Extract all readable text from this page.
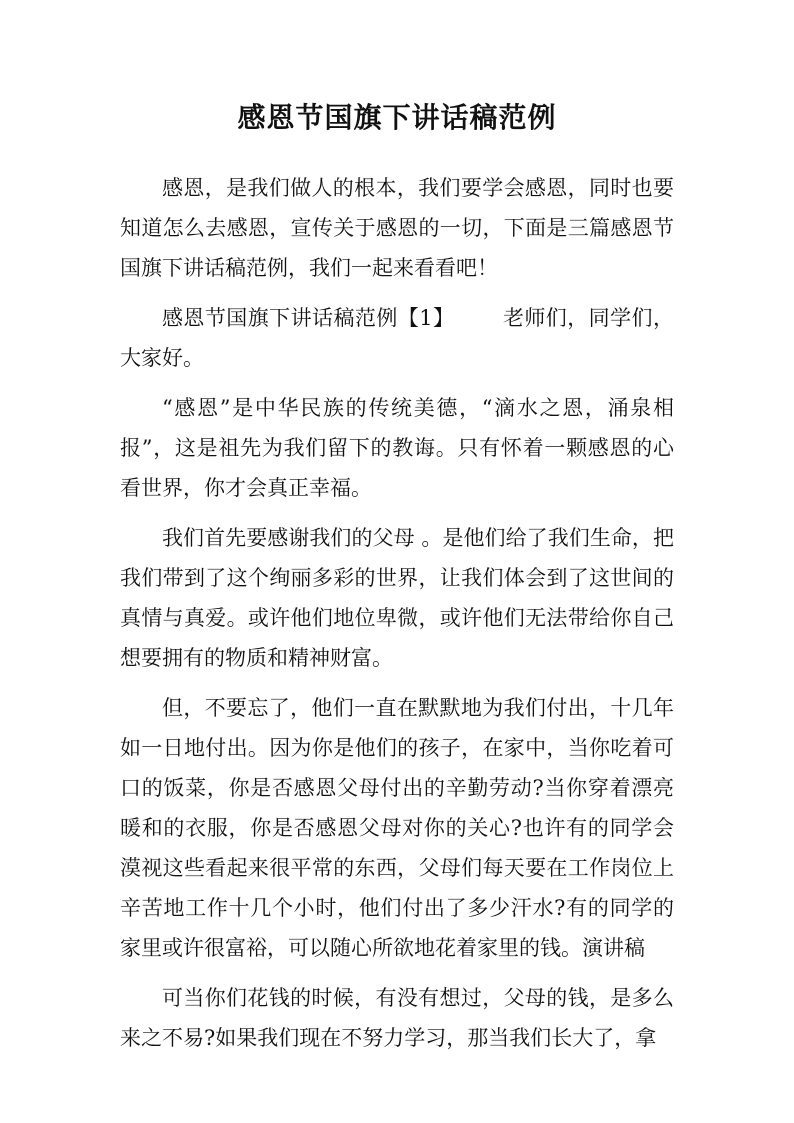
感恩节国旗下讲话稿范例

感恩，是我们做人的根本，我们要学会感恩，同时也要知道怎么去感恩，宣传关于感恩的一切，下面是三篇感恩节国旗下讲话稿范例，我们一起来看看吧！

感恩节国旗下讲话稿范例【1】 老师们，同学们，大家好。

“感恩”是中华民族的传统美德，“滴水之恩，涌泉相报”，这是祖先为我们留下的教诲。只有怀着一颗感恩的心看世界，你才会真正幸福。

我们首先要感谢我们的父母 。是他们给了我们生命，把我们带到了这个绚丽多彩的世界，让我们体会到了这世间的真情与真爱。或许他们地位卑微，或许他们无法带给你自己想要拥有的物质和精神财富。

但，不要忘了，他们一直在默默地为我们付出，十几年如一日地付出。因为你是他们的孩子，在家中，当你吃着可口的饭菜，你是否感恩父母付出的辛勤劳动?当你穿着漂亮暖和的衣服，你是否感恩父母对你的关心?也许有的同学会漠视这些看起来很平常的东西，父母们每天要在工作岗位上辛苦地工作十几个小时，他们付出了多少汗水?有的同学的家里或许很富裕，可以随心所欲地花着家里的钱。演讲稿

可当你们花钱的时候，有没有想过，父母的钱，是多么来之不易?如果我们现在不努力学习，那当我们长大了，拿
